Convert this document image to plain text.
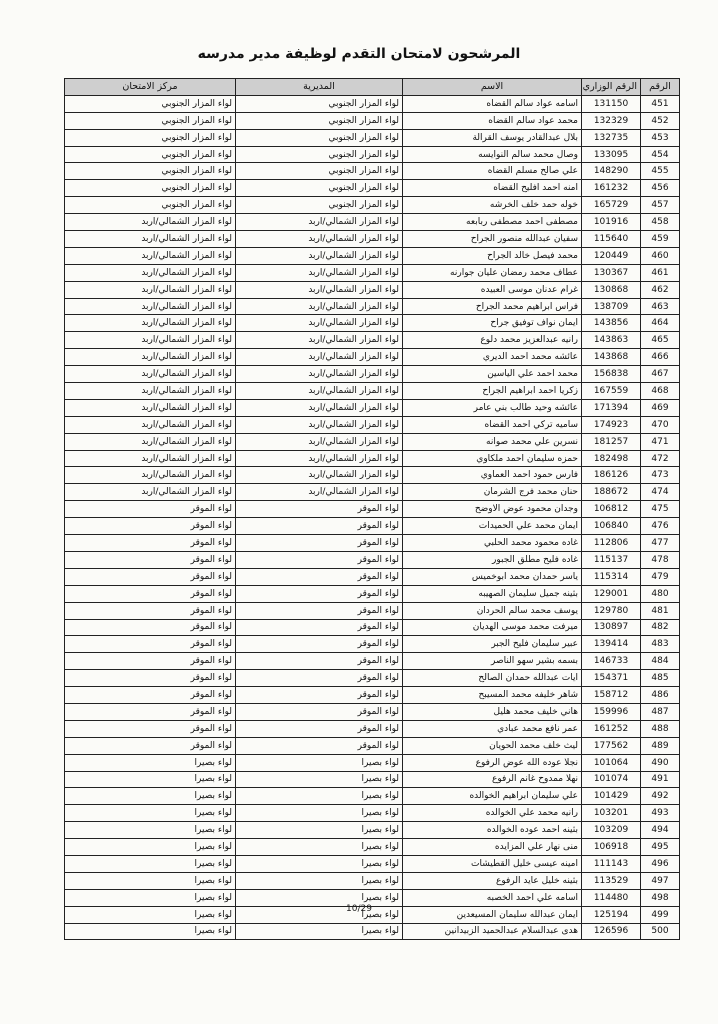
المرشحون لامتحان التقدم لوظيفة مدير مدرسه
الرقم	الرقم الوزاري	الاسم	المديرية	مركز الامتحان
451	131150	اسامه عواد سالم القضاه	لواء المزار الجنوبي	لواء المزار الجنوبي
452	132329	محمد عواد سالم القضاه	لواء المزار الجنوبي	لواء المزار الجنوبي
453	132735	بلال عبدالقادر يوسف القرالة	لواء المزار الجنوبي	لواء المزار الجنوبي
454	133095	وصال محمد سالم النوايسه	لواء المزار الجنوبي	لواء المزار الجنوبي
455	148290	علي صالح مسلم القضاه	لواء المزار الجنوبي	لواء المزار الجنوبي
456	161232	امنه احمد افليح القضاه	لواء المزار الجنوبي	لواء المزار الجنوبي
457	165729	خوله حمد خلف الخرشه	لواء المزار الجنوبي	لواء المزار الجنوبي
458	101916	مصطفى احمد مصطفى ربابعه	لواء المزار الشمالي/اربد	لواء المزار الشمالي/اربد
459	115640	سفيان عبدالله منصور الجراح	لواء المزار الشمالي/اربد	لواء المزار الشمالي/اربد
460	120449	محمد فيصل خالد الجراح	لواء المزار الشمالي/اربد	لواء المزار الشمالي/اربد
461	130367	عطاف محمد رمضان عليان جوارنه	لواء المزار الشمالي/اربد	لواء المزار الشمالي/اربد
462	130868	غرام عدنان موسى العبيده	لواء المزار الشمالي/اربد	لواء المزار الشمالي/اربد
463	138709	فراس ابراهيم محمد الجراح	لواء المزار الشمالي/اربد	لواء المزار الشمالي/اربد
464	143856	ايمان نواف توفيق جراح	لواء المزار الشمالي/اربد	لواء المزار الشمالي/اربد
465	143863	رانيه عبدالعزيز محمد دلوع	لواء المزار الشمالي/اربد	لواء المزار الشمالي/اربد
466	143868	عائشه محمد احمد الديري	لواء المزار الشمالي/اربد	لواء المزار الشمالي/اربد
467	156838	محمد احمد علي الياسين	لواء المزار الشمالي/اربد	لواء المزار الشمالي/اربد
468	167559	زكريا احمد ابراهيم الجراح	لواء المزار الشمالي/اربد	لواء المزار الشمالي/اربد
469	171394	عائشه وحيد طالب بني عامر	لواء المزار الشمالي/اربد	لواء المزار الشمالي/اربد
470	174923	ساميه تركي احمد القضاه	لواء المزار الشمالي/اربد	لواء المزار الشمالي/اربد
471	181257	نسرين علي محمد صوانه	لواء المزار الشمالي/اربد	لواء المزار الشمالي/اربد
472	182498	حمزه سليمان احمد ملكاوي	لواء المزار الشمالي/اربد	لواء المزار الشمالي/اربد
473	186126	فارس حمود احمد العماوي	لواء المزار الشمالي/اربد	لواء المزار الشمالي/اربد
474	188672	حنان محمد فرج الشرمان	لواء المزار الشمالي/اربد	لواء المزار الشمالي/اربد
475	106812	وجدان محمود عوض الاوضح	لواء الموقر	لواء الموقر
476	106840	ايمان محمد علي الحميدات	لواء الموقر	لواء الموقر
477	112806	غاده محمود محمد الحلبي	لواء الموقر	لواء الموقر
478	115137	غاده فليح مطلق الجبور	لواء الموقر	لواء الموقر
479	115314	ياسر حمدان محمد ابوخميس	لواء الموقر	لواء الموقر
480	129001	بثينه جميل سليمان الصهيبه	لواء الموقر	لواء الموقر
481	129780	يوسف محمد سالم الحردان	لواء الموقر	لواء الموقر
482	130897	ميرفت محمد موسى الهديان	لواء الموقر	لواء الموقر
483	139414	عبير سليمان فليح الجبر	لواء الموقر	لواء الموقر
484	146733	بسمه بشير سهو الناصر	لواء الموقر	لواء الموقر
485	154371	ايات عبدالله حمدان الصالح	لواء الموقر	لواء الموقر
486	158712	شاهر خليفه محمد المسيبح	لواء الموقر	لواء الموقر
487	159996	هاني خليف محمد هليل	لواء الموقر	لواء الموقر
488	161252	عمر نافع محمد عبادي	لواء الموقر	لواء الموقر
489	177562	ليث خلف محمد الحويان	لواء الموقر	لواء الموقر
490	101064	نجلا عوده الله عوض الرفوع	لواء بصيرا	لواء بصيرا
491	101074	نهلا ممدوح غانم الرفوع	لواء بصيرا	لواء بصيرا
492	101429	علي سليمان ابراهيم الخوالده	لواء بصيرا	لواء بصيرا
493	103201	رانيه محمد علي الخوالده	لواء بصيرا	لواء بصيرا
494	103209	بثينه احمد عوده الخوالده	لواء بصيرا	لواء بصيرا
495	106918	منى نهار علي المزايده	لواء بصيرا	لواء بصيرا
496	111143	امينه عيسى خليل القطيشات	لواء بصيرا	لواء بصيرا
497	113529	بثينه خليل عايد الرفوع	لواء بصيرا	لواء بصيرا
498	114480	اسامه علي احمد الخصبه	لواء بصيرا	لواء بصيرا
499	125194	ايمان عبدالله سليمان المسيعدين	لواء بصيرا	لواء بصيرا
500	126596	هدى عبدالسلام عبدالحميد الزبيدانين	لواء بصيرا	لواء بصيرا
10/29
